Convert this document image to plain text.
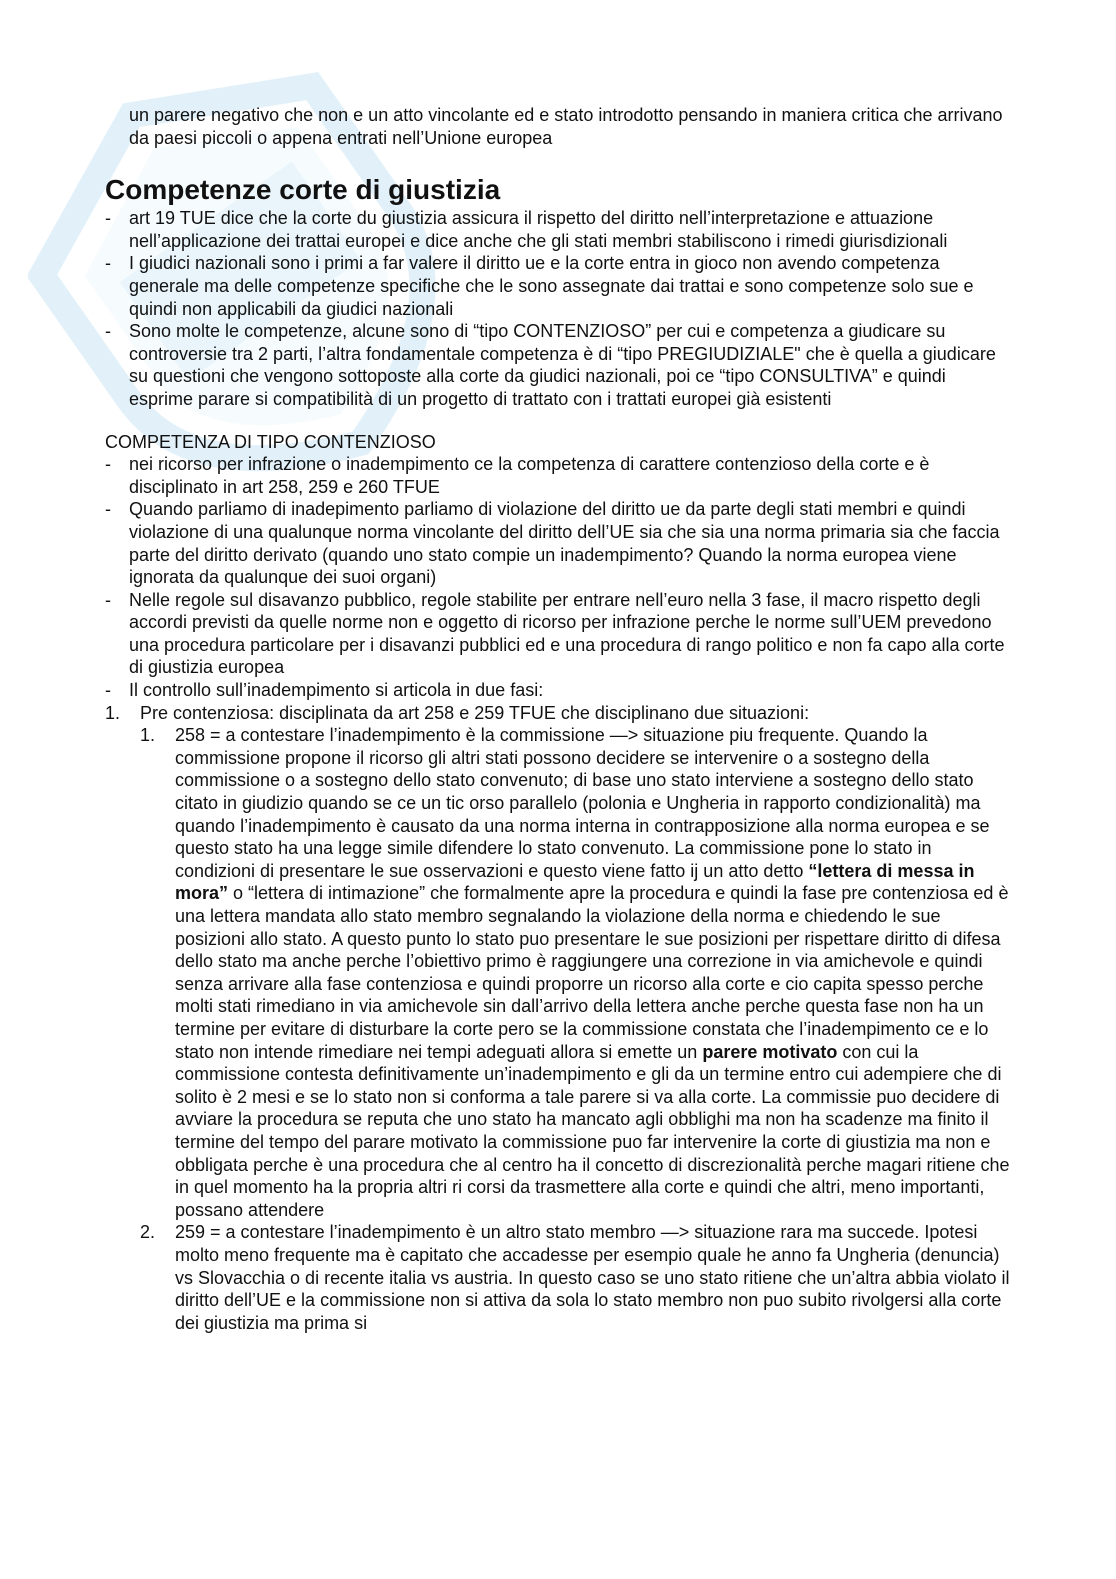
un parere negativo che non e un atto vincolante ed e stato introdotto pensando in maniera critica che arrivano da paesi piccoli o appena entrati nell’Unione europea

Competenze corte di giustizia
- art 19 TUE dice che la corte du giustizia assicura il rispetto del diritto nell’interpretazione e attuazione nell’applicazione dei trattai europei e dice anche che gli stati membri stabiliscono i rimedi giurisdizionali
- I giudici nazionali sono i primi a far valere il diritto ue e la corte entra in gioco non avendo competenza generale ma delle competenze specifiche che le sono assegnate dai trattai e sono competenze solo sue e quindi non applicabili da giudici nazionali
- Sono molte le competenze, alcune sono di “tipo CONTENZIOSO” per cui e competenza a giudicare su controversie tra 2 parti, l’altra fondamentale competenza è di “tipo PREGIUDIZIALE" che è quella a giudicare su questioni che vengono sottoposte alla corte da giudici nazionali, poi ce “tipo CONSULTIVA” e quindi esprime parare si compatibilità di un progetto di trattato con i trattati europei già esistenti

COMPETENZA DI TIPO CONTENZIOSO

- nei ricorso per infrazione o inadempimento ce la competenza di carattere contenzioso della corte e è disciplinato in art 258, 259 e 260 TFUE
- Quando parliamo di inadepimento parliamo di violazione del diritto ue da parte degli stati membri e quindi violazione di una qualunque norma vincolante del diritto dell’UE sia che sia una norma primaria sia che faccia parte del diritto derivato (quando uno stato compie un inadempimento? Quando la norma europea viene ignorata da qualunque dei suoi organi)
- Nelle regole sul disavanzo pubblico, regole stabilite per entrare nell’euro nella 3 fase, il macro rispetto degli accordi previsti da quelle norme non e oggetto di ricorso per infrazione perche le norme sull’UEM prevedono una procedura particolare per i disavanzi pubblici ed e una procedura di rango politico e non fa capo alla corte di giustizia europea
- Il controllo sull’inadempimento si articola in due fasi:
1. Pre contenziosa: disciplinata da art 258 e 259 TFUE che disciplinano due situazioni:
1. 258 = a contestare l’inadempimento è la commissione —> situazione piu frequente. Quando la commissione propone il ricorso gli altri stati possono decidere se intervenire o a sostegno della commissione o a sostegno dello stato convenuto; di base uno stato interviene a sostegno dello stato citato in giudizio quando se ce un tic orso parallelo (polonia e Ungheria in rapporto condizionalità) ma quando l’inadempimento è causato da una norma interna in contrapposizione alla norma europea e se questo stato ha una legge simile difendere lo stato convenuto. La commissione pone lo stato in condizioni di presentare le sue osservazioni e questo viene fatto ij un atto detto “lettera di messa in mora” o “lettera di intimazione” che formalmente apre la procedura e quindi la fase pre contenziosa ed è una lettera mandata allo stato membro segnalando la violazione della norma e chiedendo le sue posizioni allo stato. A questo punto lo stato puo presentare le sue posizioni per rispettare diritto di difesa dello stato ma anche perche l’obiettivo primo è raggiungere una correzione in via amichevole e quindi senza arrivare alla fase contenziosa e quindi proporre un ricorso alla corte e cio capita spesso perche molti stati rimediano in via amichevole sin dall’arrivo della lettera anche perche questa fase non ha un termine per evitare di disturbare la corte pero se la commissione constata che l’inadempimento ce e lo stato non intende rimediare nei tempi adeguati allora si emette un parere motivato con cui la commissione contesta definitivamente un’inadempimento e gli da un termine entro cui adempiere che di solito è 2 mesi e se lo stato non si conforma a tale parere si va alla corte. La commissie puo decidere di avviare la procedura se reputa che uno stato ha mancato agli obblighi ma non ha scadenze ma finito il termine del tempo del parare motivato la commissione puo far intervenire la corte di giustizia ma non e obbligata perche è una procedura che al centro ha il concetto di discrezionalità perche magari ritiene che in quel momento ha la propria altri ri corsi da trasmettere alla corte e quindi che altri, meno importanti, possano attendere
2. 259 = a contestare l’inadempimento è un altro stato membro —> situazione rara ma succede. Ipotesi molto meno frequente ma è capitato che accadesse per esempio quale he anno fa Ungheria (denuncia) vs Slovacchia o di recente italia vs austria. In questo caso se uno stato ritiene che un’altra abbia violato il diritto dell’UE e la commissione non si attiva da sola lo stato membro non puo subito rivolgersi alla corte dei giustizia ma prima si
